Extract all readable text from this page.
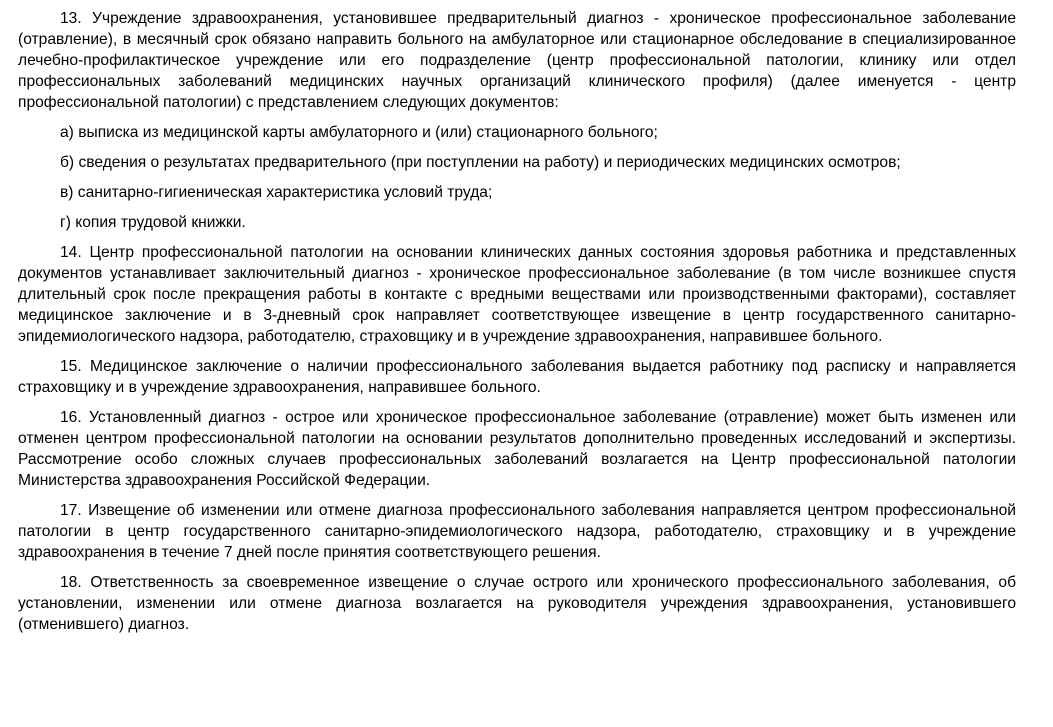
13. Учреждение здравоохранения, установившее предварительный диагноз - хроническое профессиональное заболевание (отравление), в месячный срок обязано направить больного на амбулаторное или стационарное обследование в специализированное лечебно-профилактическое учреждение или его подразделение (центр профессиональной патологии, клинику или отдел профессиональных заболеваний медицинских научных организаций клинического профиля) (далее именуется - центр профессиональной патологии) с представлением следующих документов:

а) выписка из медицинской карты амбулаторного и (или) стационарного больного;

б) сведения о результатах предварительного (при поступлении на работу) и периодических медицинских осмотров;

в) санитарно-гигиеническая характеристика условий труда;

г) копия трудовой книжки.

14. Центр профессиональной патологии на основании клинических данных состояния здоровья работника и представленных документов устанавливает заключительный диагноз - хроническое профессиональное заболевание (в том числе возникшее спустя длительный срок после прекращения работы в контакте с вредными веществами или производственными факторами), составляет медицинское заключение и в 3-дневный срок направляет соответствующее извещение в центр государственного санитарно-эпидемиологического надзора, работодателю, страховщику и в учреждение здравоохранения, направившее больного.

15. Медицинское заключение о наличии профессионального заболевания выдается работнику под расписку и направляется страховщику и в учреждение здравоохранения, направившее больного.

16. Установленный диагноз - острое или хроническое профессиональное заболевание (отравление) может быть изменен или отменен центром профессиональной патологии на основании результатов дополнительно проведенных исследований и экспертизы. Рассмотрение особо сложных случаев профессиональных заболеваний возлагается на Центр профессиональной патологии Министерства здравоохранения Российской Федерации.

17. Извещение об изменении или отмене диагноза профессионального заболевания направляется центром профессиональной патологии в центр государственного санитарно-эпидемиологического надзора, работодателю, страховщику и в учреждение здравоохранения в течение 7 дней после принятия соответствующего решения.

18. Ответственность за своевременное извещение о случае острого или хронического профессионального заболевания, об установлении, изменении или отмене диагноза возлагается на руководителя учреждения здравоохранения, установившего (отменившего) диагноз.
